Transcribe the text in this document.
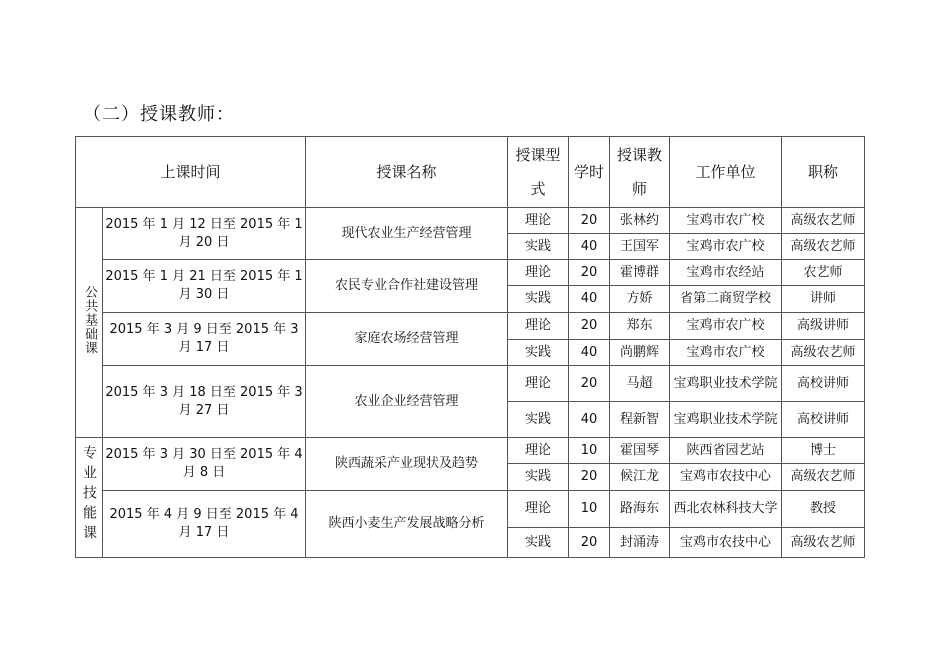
（二）授课教师：
上课时间		授课名称	授课型式	学时	授课教师	工作单位	职称
公共基础课	2015 年 1 月 12 日至 2015 年 1 月 20 日	现代农业生产经营管理	理论	20	张林约	宝鸡市农广校	高级农艺师
			实践	40	王国军	宝鸡市农广校	高级农艺师
	2015 年 1 月 21 日至 2015 年 1 月 30 日	农民专业合作社建设管理	理论	20	霍博群	宝鸡市农经站	农艺师
			实践	40	方娇	省第二商贸学校	讲师
	2015 年 3 月 9 日至 2015 年 3 月 17 日	家庭农场经营管理	理论	20	郑东	宝鸡市农广校	高级讲师
			实践	40	尚鹏辉	宝鸡市农广校	高级农艺师
	2015 年 3 月 18 日至 2015 年 3 月 27 日	农业企业经营管理	理论	20	马超	宝鸡职业技术学院	高校讲师
			实践	40	程新智	宝鸡职业技术学院	高校讲师
专业技能课	2015 年 3 月 30 日至 2015 年 4 月 8 日	陕西蔬采产业现状及趋势	理论	10	霍国琴	陕西省园艺站	博士
			实践	20	候江龙	宝鸡市农技中心	高级农艺师
	2015 年 4 月 9 日至 2015 年 4 月 17 日	陕西小麦生产发展战略分析	理论	10	路海东	西北农林科技大学	教授
			实践	20	封涌涛	宝鸡市农技中心	高级农艺师
